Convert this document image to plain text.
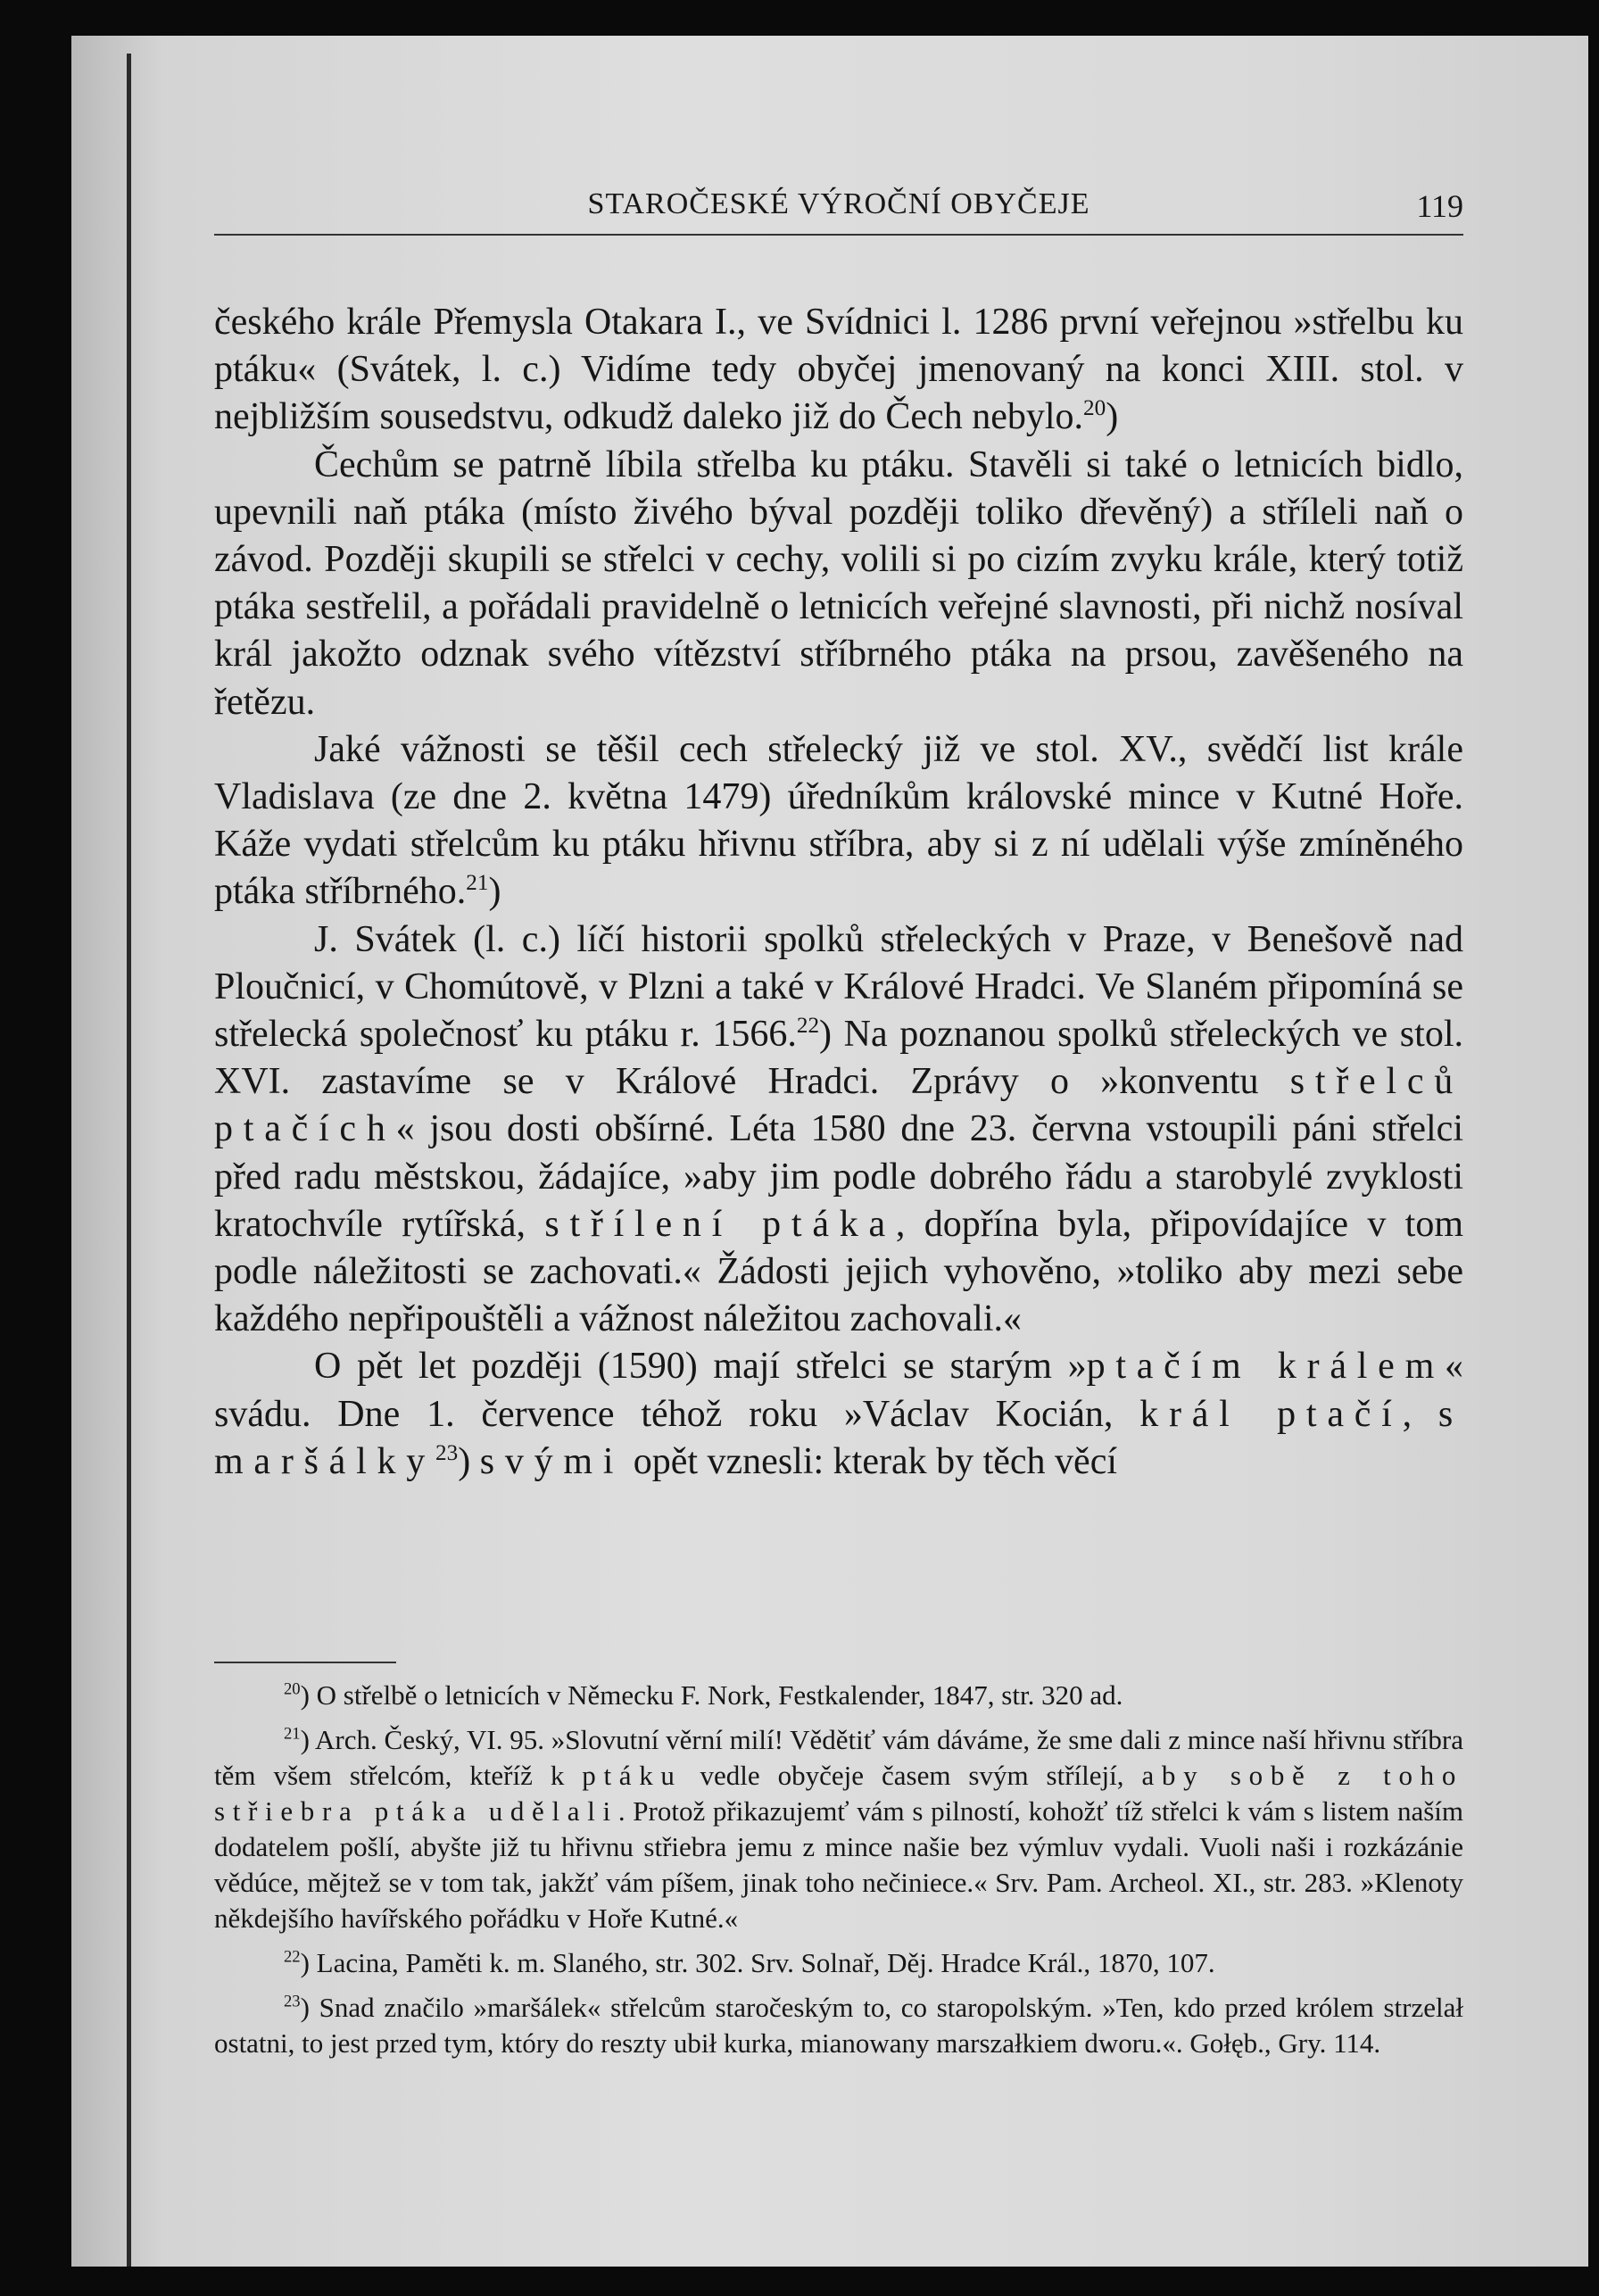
STAROČESKÉ VÝROČNÍ OBYČEJE	119

českého krále Přemysla Otakara I., ve Svídnici l. 1286 první veřejnou »střelbu ku ptáku« (Svátek, l. c.) Vidíme tedy obyčej jmenovaný na konci XIII. stol. v nejbližším sousedstvu, odkudž daleko již do Čech nebylo.$^{20}$)

Čechům se patrně líbila střelba ku ptáku. Stavěli si také o letnicích bidlo, upevnili naň ptáka (místo živého býval později toliko dřevěný) a stříleli naň o závod. Později skupili se střelci v cechy, volili si po cizím zvyku krále, který totiž ptáka sestřelil, a pořádali pravidelně o letnicích veřejné slavnosti, při nichž nosíval král jakožto odznak svého vítězství stříbrného ptáka na prsou, zavěšeného na řetězu.

Jaké vážnosti se těšil cech střelecký již ve stol. XV., svědčí list krále Vladislava (ze dne 2. května 1479) úředníkům královské mince v Kutné Hoře. Káže vydati střelcům ku ptáku hřivnu stříbra, aby si z ní udělali výše zmíněného ptáka stříbrného.$^{21}$)

J. Svátek (l. c.) líčí historii spolků střeleckých v Praze, v Benešově nad Ploučnicí, v Chomútově, v Plzni a také v Králové Hradci. Ve Slaném připomíná se střelecká společnosť ku ptáku r. 1566.22) Na poznanou spolků střeleckých ve stol. XVI. zastavíme se v Králové Hradci. Zprávy o »konventu střelců ptačích« jsou dosti obšírné. Léta 1580 dne 23. června vstoupili páni střelci před radu městskou, žádajíce, »aby jim podle dobrého řádu a starobylé zvyklosti kratochvíle rytířská, střílení ptáka, dopřína byla, připovídajíce v tom podle náležitosti se zachovati.« Žádosti jejich vyhověno, »toliko aby mezi sebe každého nepřipouštěli a vážnost náležitou zachovali.«

O pět let později (1590) mají střelci se starým »ptačím králem« svádu. Dne 1. července téhož roku »Václav Kocián, král ptačí, s maršálky$^{23}$) svými opět vznesli: kterak by těch věcí

$^{20}$) O střelbě o letnicích v Německu F. Nork, Festkalender, 1847, str. 320 ad.

$^{21}$) Arch. Český, VI. 95. »Slovutní věrní milí! Vědětiť vám dáváme, že sme dali z mince naší hřivnu stříbra těm všem střelcóm, kteříž k ptáku vedle obyčeje časem svým střílejí, aby sobě z toho střiebra ptáka udělali. Protož přikazujemť vám s pilností, kohožť tíž střelci k vám s listem naším dodatelem pošlí, abyšte již tu hřivnu střiebra jemu z mince našie bez výmluv vydali. Vuoli naši i rozkázánie vědúce, mějtež se v tom tak, jakžť vám píšem, jinak toho nečiniece.« Srv. Pam. Archeol. XI., str. 283. »Klenoty někdejšího havířského pořádku v Hoře Kutné.«

$^{22}$) Lacina, Paměti k. m. Slaného, str. 302. Srv. Solnař, Děj. Hradce Král., 1870, 107.

$^{23}$) Snad značilo »maršálek« střelcům staročeským to, co staropolským. »Ten, kdo przed królem strzelał ostatni, to jest przed tym, który do reszty ubił kurka, mianowany marszałkiem dworu.«. Gołęb., Gry. 114.
